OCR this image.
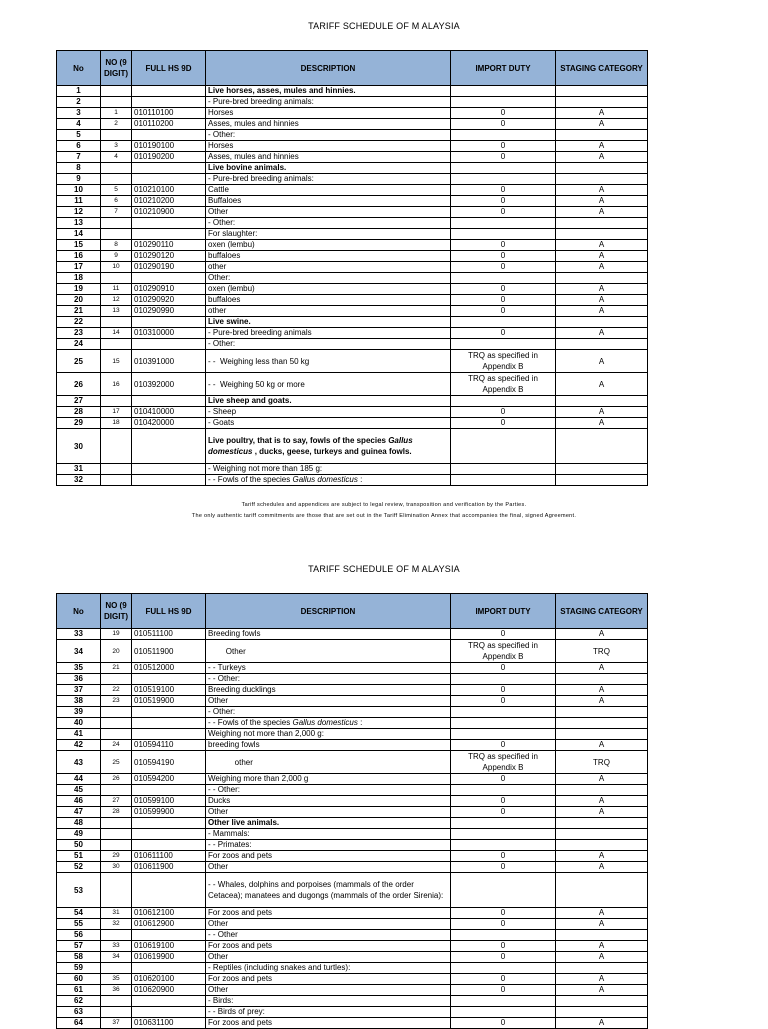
TARIFF SCHEDULE OF M ALAYSIA
No	NO (9 DIGIT)	FULL HS 9D	DESCRIPTION	IMPORT DUTY	STAGING CATEGORY
1			Live horses, asses, mules and hinnies.		
2			- Pure-bred breeding animals:		
3	1	010110100	Horses	0	A
4	2	010110200	Asses, mules and hinnies	0	A
5			- Other:		
6	3	010190100	Horses	0	A
7	4	010190200	Asses, mules and hinnies	0	A
8			Live bovine animals.		
9			- Pure-bred breeding animals:		
10	5	010210100	Cattle	0	A
11	6	010210200	Buffaloes	0	A
12	7	010210900	Other	0	A
13			- Other:		
14			For slaughter:		
15	8	010290110	oxen (lembu)	0	A
16	9	010290120	buffaloes	0	A
17	10	010290190	other	0	A
18			Other:		
19	11	010290910	oxen (lembu)	0	A
20	12	010290920	buffaloes	0	A
21	13	010290990	other	0	A
22			Live swine.		
23	14	010310000	- Pure-bred breeding animals	0	A
24			- Other:		
25	15	010391000	- -  Weighing less than 50 kg	TRQ as specified in Appendix B	A
26	16	010392000	- -  Weighing 50 kg or more	TRQ as specified in Appendix B	A
27			Live sheep and goats.		
28	17	010410000	- Sheep	0	A
29	18	010420000	- Goats	0	A
30			Live poultry, that is to say, fowls of the species Gallus domesticus , ducks, geese, turkeys and guinea fowls.		
31			- Weighing not more than 185 g:		
32			- - Fowls of the species Gallus domesticus :		
Tariff schedules and appendices are subject to legal review, transposition and verification by the Parties.
The only authentic tariff commitments are those that are set out in the Tariff Elimination Annex that accompanies the final, signed Agreement.
TARIFF SCHEDULE OF M ALAYSIA
No	NO (9 DIGIT)	FULL HS 9D	DESCRIPTION	IMPORT DUTY	STAGING CATEGORY
33	19	010511100	Breeding fowls	0	A
34	20	010511900	Other	TRQ as specified in Appendix B	TRQ
35	21	010512000	- - Turkeys	0	A
36			- - Other:		
37	22	010519100	Breeding ducklings	0	A
38	23	010519900	Other	0	A
39			- Other:		
40			- - Fowls of the species Gallus domesticus :		
41			Weighing not more than 2,000 g:		
42	24	010594110	breeding fowls	0	A
43	25	010594190	other	TRQ as specified in Appendix B	TRQ
44	26	010594200	Weighing more than 2,000 g	0	A
45			- - Other:		
46	27	010599100	Ducks	0	A
47	28	010599900	Other	0	A
48			Other live animals.		
49			- Mammals:		
50			- - Primates:		
51	29	010611100	For zoos and pets	0	A
52	30	010611900	Other	0	A
53			- - Whales, dolphins and porpoises (mammals of the order Cetacea); manatees and dugongs (mammals of the order Sirenia):		
54	31	010612100	For zoos and pets	0	A
55	32	010612900	Other	0	A
56			- - Other		
57	33	010619100	For zoos and pets	0	A
58	34	010619900	Other	0	A
59			- Reptiles (including snakes and turtles):		
60	35	010620100	For zoos and pets	0	A
61	36	010620900	Other	0	A
62			- Birds:		
63			- - Birds of prey:		
64	37	010631100	For zoos and pets	0	A
